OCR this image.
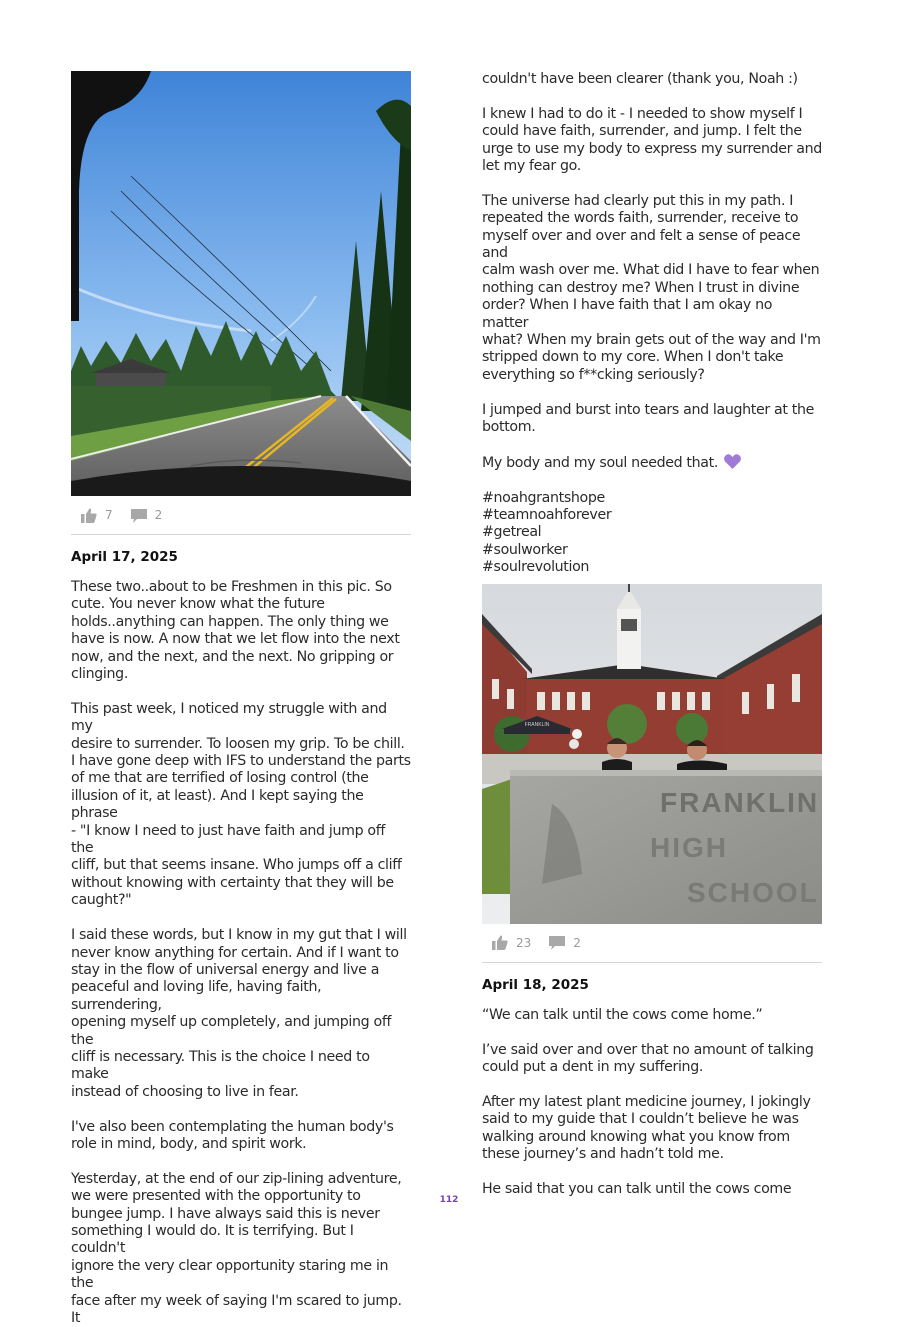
7	2
April 17, 2025

These two..about to be Freshmen in this pic. So
cute. You never know what the future
holds..anything can happen. The only thing we
have is now. A now that we let flow into the next
now, and the next, and the next. No gripping or
clinging.

This past week, I noticed my struggle with and my
desire to surrender. To loosen my grip. To be chill.
I have gone deep with IFS to understand the parts
of me that are terrified of losing control (the
illusion of it, at least). And I kept saying the phrase
- "I know I need to just have faith and jump off the
cliff, but that seems insane. Who jumps off a cliff
without knowing with certainty that they will be
caught?"

I said these words, but I know in my gut that I will
never know anything for certain. And if I want to
stay in the flow of universal energy and live a
peaceful and loving life, having faith, surrendering,
opening myself up completely, and jumping off the
cliff is necessary. This is the choice I need to make
instead of choosing to live in fear.

I've also been contemplating the human body's
role in mind, body, and spirit work.

Yesterday, at the end of our zip-lining adventure,
we were presented with the opportunity to
bungee jump. I have always said this is never
something I would do. It is terrifying. But I couldn't
ignore the very clear opportunity staring me in the
face after my week of saying I'm scared to jump. It

couldn't have been clearer (thank you, Noah :)

I knew I had to do it - I needed to show myself I
could have faith, surrender, and jump. I felt the
urge to use my body to express my surrender and
let my fear go.

The universe had clearly put this in my path. I
repeated the words faith, surrender, receive to
myself over and over and felt a sense of peace and
calm wash over me. What did I have to fear when
nothing can destroy me? When I trust in divine
order? When I have faith that I am okay no matter
what? When my brain gets out of the way and I'm
stripped down to my core. When I don't take
everything so f**cking seriously?

I jumped and burst into tears and laughter at the
bottom.

My body and my soul needed that.

#noahgrantshope
#teamnoahforever
#getreal
#soulworker
#soulrevolution

FRANKLIN
FRANKLIN
HIGH
SCHOOL
23	2
April 18, 2025

“We can talk until the cows come home.”

I’ve said over and over that no amount of talking
could put a dent in my suffering.

After my latest plant medicine journey, I jokingly
said to my guide that I couldn’t believe he was
walking around knowing what you know from
these journey’s and hadn’t told me.

He said that you can talk until the cows come

112
